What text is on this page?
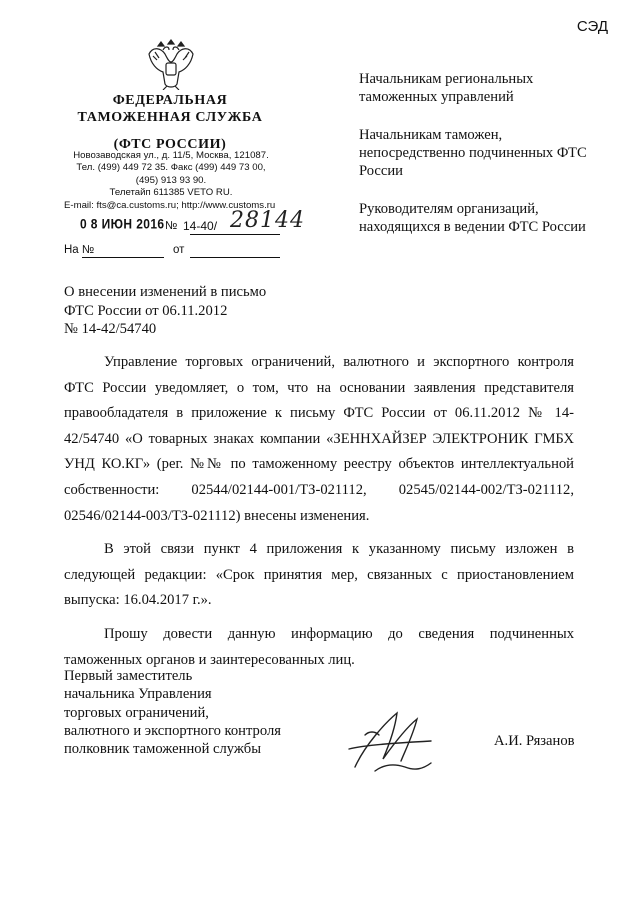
СЭД
ФЕДЕРАЛЬНАЯ
ТАМОЖЕННАЯ СЛУЖБА
(ФТС РОССИИ)
Новозаводская ул., д. 11/5, Москва, 121087.
Тел. (499) 449 72 35. Факс (499) 449 73 00,
(495) 913 93 90.
Телетайп 611385 VETO RU.
E-mail: fts@ca.customs.ru; http://www.customs.ru
0 8 ИЮН 2016 № 14-40/ 28144
На №	от
Начальникам региональных таможенных управлений
Начальникам таможен, непосредственно подчиненных ФТС России
Руководителям организаций, находящихся в ведении ФТС России
О внесении изменений в письмо
ФТС России от 06.11.2012
№ 14-42/54740

Управление торговых ограничений, валютного и экспортного контроля ФТС России уведомляет, о том, что на основании заявления представителя правообладателя в приложение к письму ФТС России от 06.11.2012 № 14-42/54740 «О товарных знаках компании «ЗЕННХАЙЗЕР ЭЛЕКТРОНИК ГМБХ УНД КО.КГ» (рег. №№ по таможенному реестру объектов интеллектуальной собственности: 02544/02144-001/ТЗ-021112, 02545/02144-002/ТЗ-021112, 02546/02144-003/ТЗ-021112) внесены изменения.

В этой связи пункт 4 приложения к указанному письму изложен в следующей редакции: «Срок принятия мер, связанных с приостановлением выпуска: 16.04.2017 г.».

Прошу довести данную информацию до сведения подчиненных таможенных органов и заинтересованных лиц.

Первый заместитель
начальника Управления
торговых ограничений,
валютного и экспортного контроля
полковник таможенной службы
А.И. Рязанов
